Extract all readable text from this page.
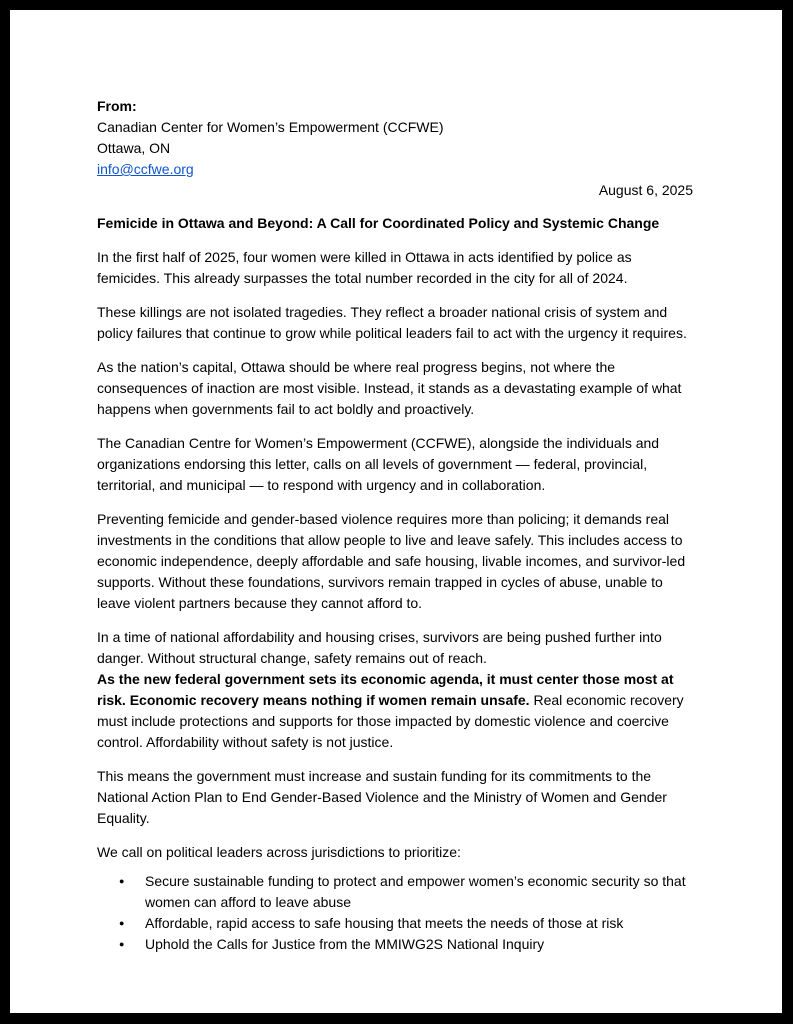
From:

Canadian Center for Women’s Empowerment (CCFWE)

Ottawa, ON

info@ccfwe.org

August 6, 2025

Femicide in Ottawa and Beyond: A Call for Coordinated Policy and Systemic Change

In the first half of 2025, four women were killed in Ottawa in acts identified by police as femicides. This already surpasses the total number recorded in the city for all of 2024.

These killings are not isolated tragedies. They reflect a broader national crisis of system and policy failures that continue to grow while political leaders fail to act with the urgency it requires.

As the nation’s capital, Ottawa should be where real progress begins, not where the consequences of inaction are most visible. Instead, it stands as a devastating example of what happens when governments fail to act boldly and proactively.

The Canadian Centre for Women’s Empowerment (CCFWE), alongside the individuals and organizations endorsing this letter, calls on all levels of government — federal, provincial, territorial, and municipal — to respond with urgency and in collaboration.

Preventing femicide and gender-based violence requires more than policing; it demands real investments in the conditions that allow people to live and leave safely. This includes access to economic independence, deeply affordable and safe housing, livable incomes, and survivor-led supports. Without these foundations, survivors remain trapped in cycles of abuse, unable to leave violent partners because they cannot afford to.

In a time of national affordability and housing crises, survivors are being pushed further into danger. Without structural change, safety remains out of reach.

As the new federal government sets its economic agenda, it must center those most at risk. Economic recovery means nothing if women remain unsafe. Real economic recovery must include protections and supports for those impacted by domestic violence and coercive control. Affordability without safety is not justice.

This means the government must increase and sustain funding for its commitments to the National Action Plan to End Gender-Based Violence and the Ministry of Women and Gender Equality.

We call on political leaders across jurisdictions to prioritize:

● Secure sustainable funding to protect and empower women’s economic security so that women can afford to leave abuse
● Affordable, rapid access to safe housing that meets the needs of those at risk
● Uphold the Calls for Justice from the MMIWG2S National Inquiry
